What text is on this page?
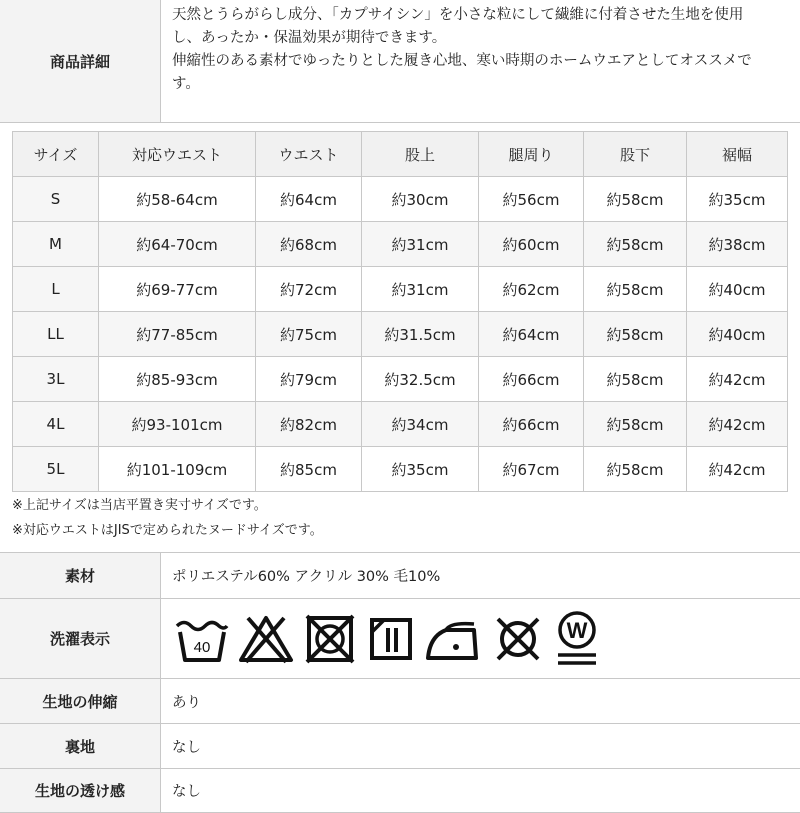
商品詳細
天然とうらがらし成分、「カプサイシン」を小さな粒にして繊維に付着させた生地を使用
し、あったか・保温効果が期待できます。
伸縮性のある素材でゆったりとした履き心地、寒い時期のホームウエアとしてオススメで
す。
サイズ	対応ウエスト	ウエスト	股上	腿周り	股下	裾幅
S	約58-64cm	約64cm	約30cm	約56cm	約58cm	約35cm
M	約64-70cm	約68cm	約31cm	約60cm	約58cm	約38cm
L	約69-77cm	約72cm	約31cm	約62cm	約58cm	約40cm
LL	約77-85cm	約75cm	約31.5cm	約64cm	約58cm	約40cm
3L	約85-93cm	約79cm	約32.5cm	約66cm	約58cm	約42cm
4L	約93-101cm	約82cm	約34cm	約66cm	約58cm	約42cm
5L	約101-109cm	約85cm	約35cm	約67cm	約58cm	約42cm
※上記サイズは当店平置き実寸サイズです。
※対応ウエストはJISで定められたヌードサイズです。
素材	ポリエステル60% アクリル 30% 毛10%
洗濯表示	40
W
生地の伸縮	あり
裏地	なし
生地の透け感	なし
